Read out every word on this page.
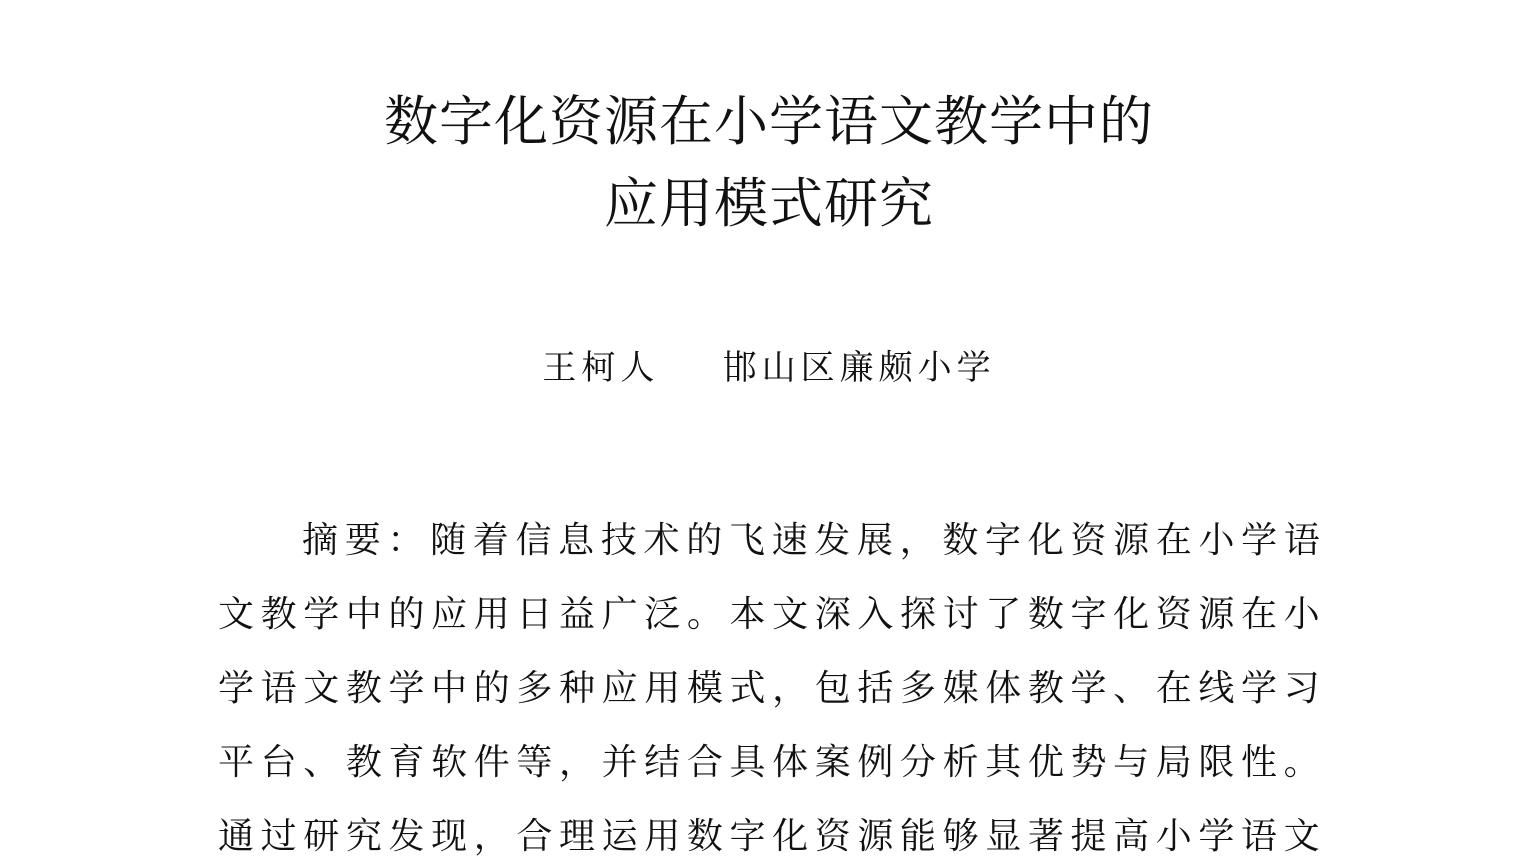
数字化资源在小学语文教学中的
应用模式研究
王柯人    邯山区廉颇小学
摘 要 ： 随 着 信 息 技 术 的 飞 速 发 展 ， 数 字 化 资 源 在 小 学 语
文 教 学 中 的 应 用 日 益 广 泛 。 本 文 深 入 探 讨 了 数 字 化 资 源 在 小
学 语 文 教 学 中 的 多 种 应 用 模 式 ， 包 括 多 媒 体 教 学 、 在 线 学 习
平 台 、 教 育 软 件 等 ， 并 结 合 具 体 案 例 分 析 其 优 势 与 局 限 性 。
通 过 研 究 发 现 ， 合 理 运 用 数 字 化 资 源 能 够 显 著 提 高 小 学 语 文
